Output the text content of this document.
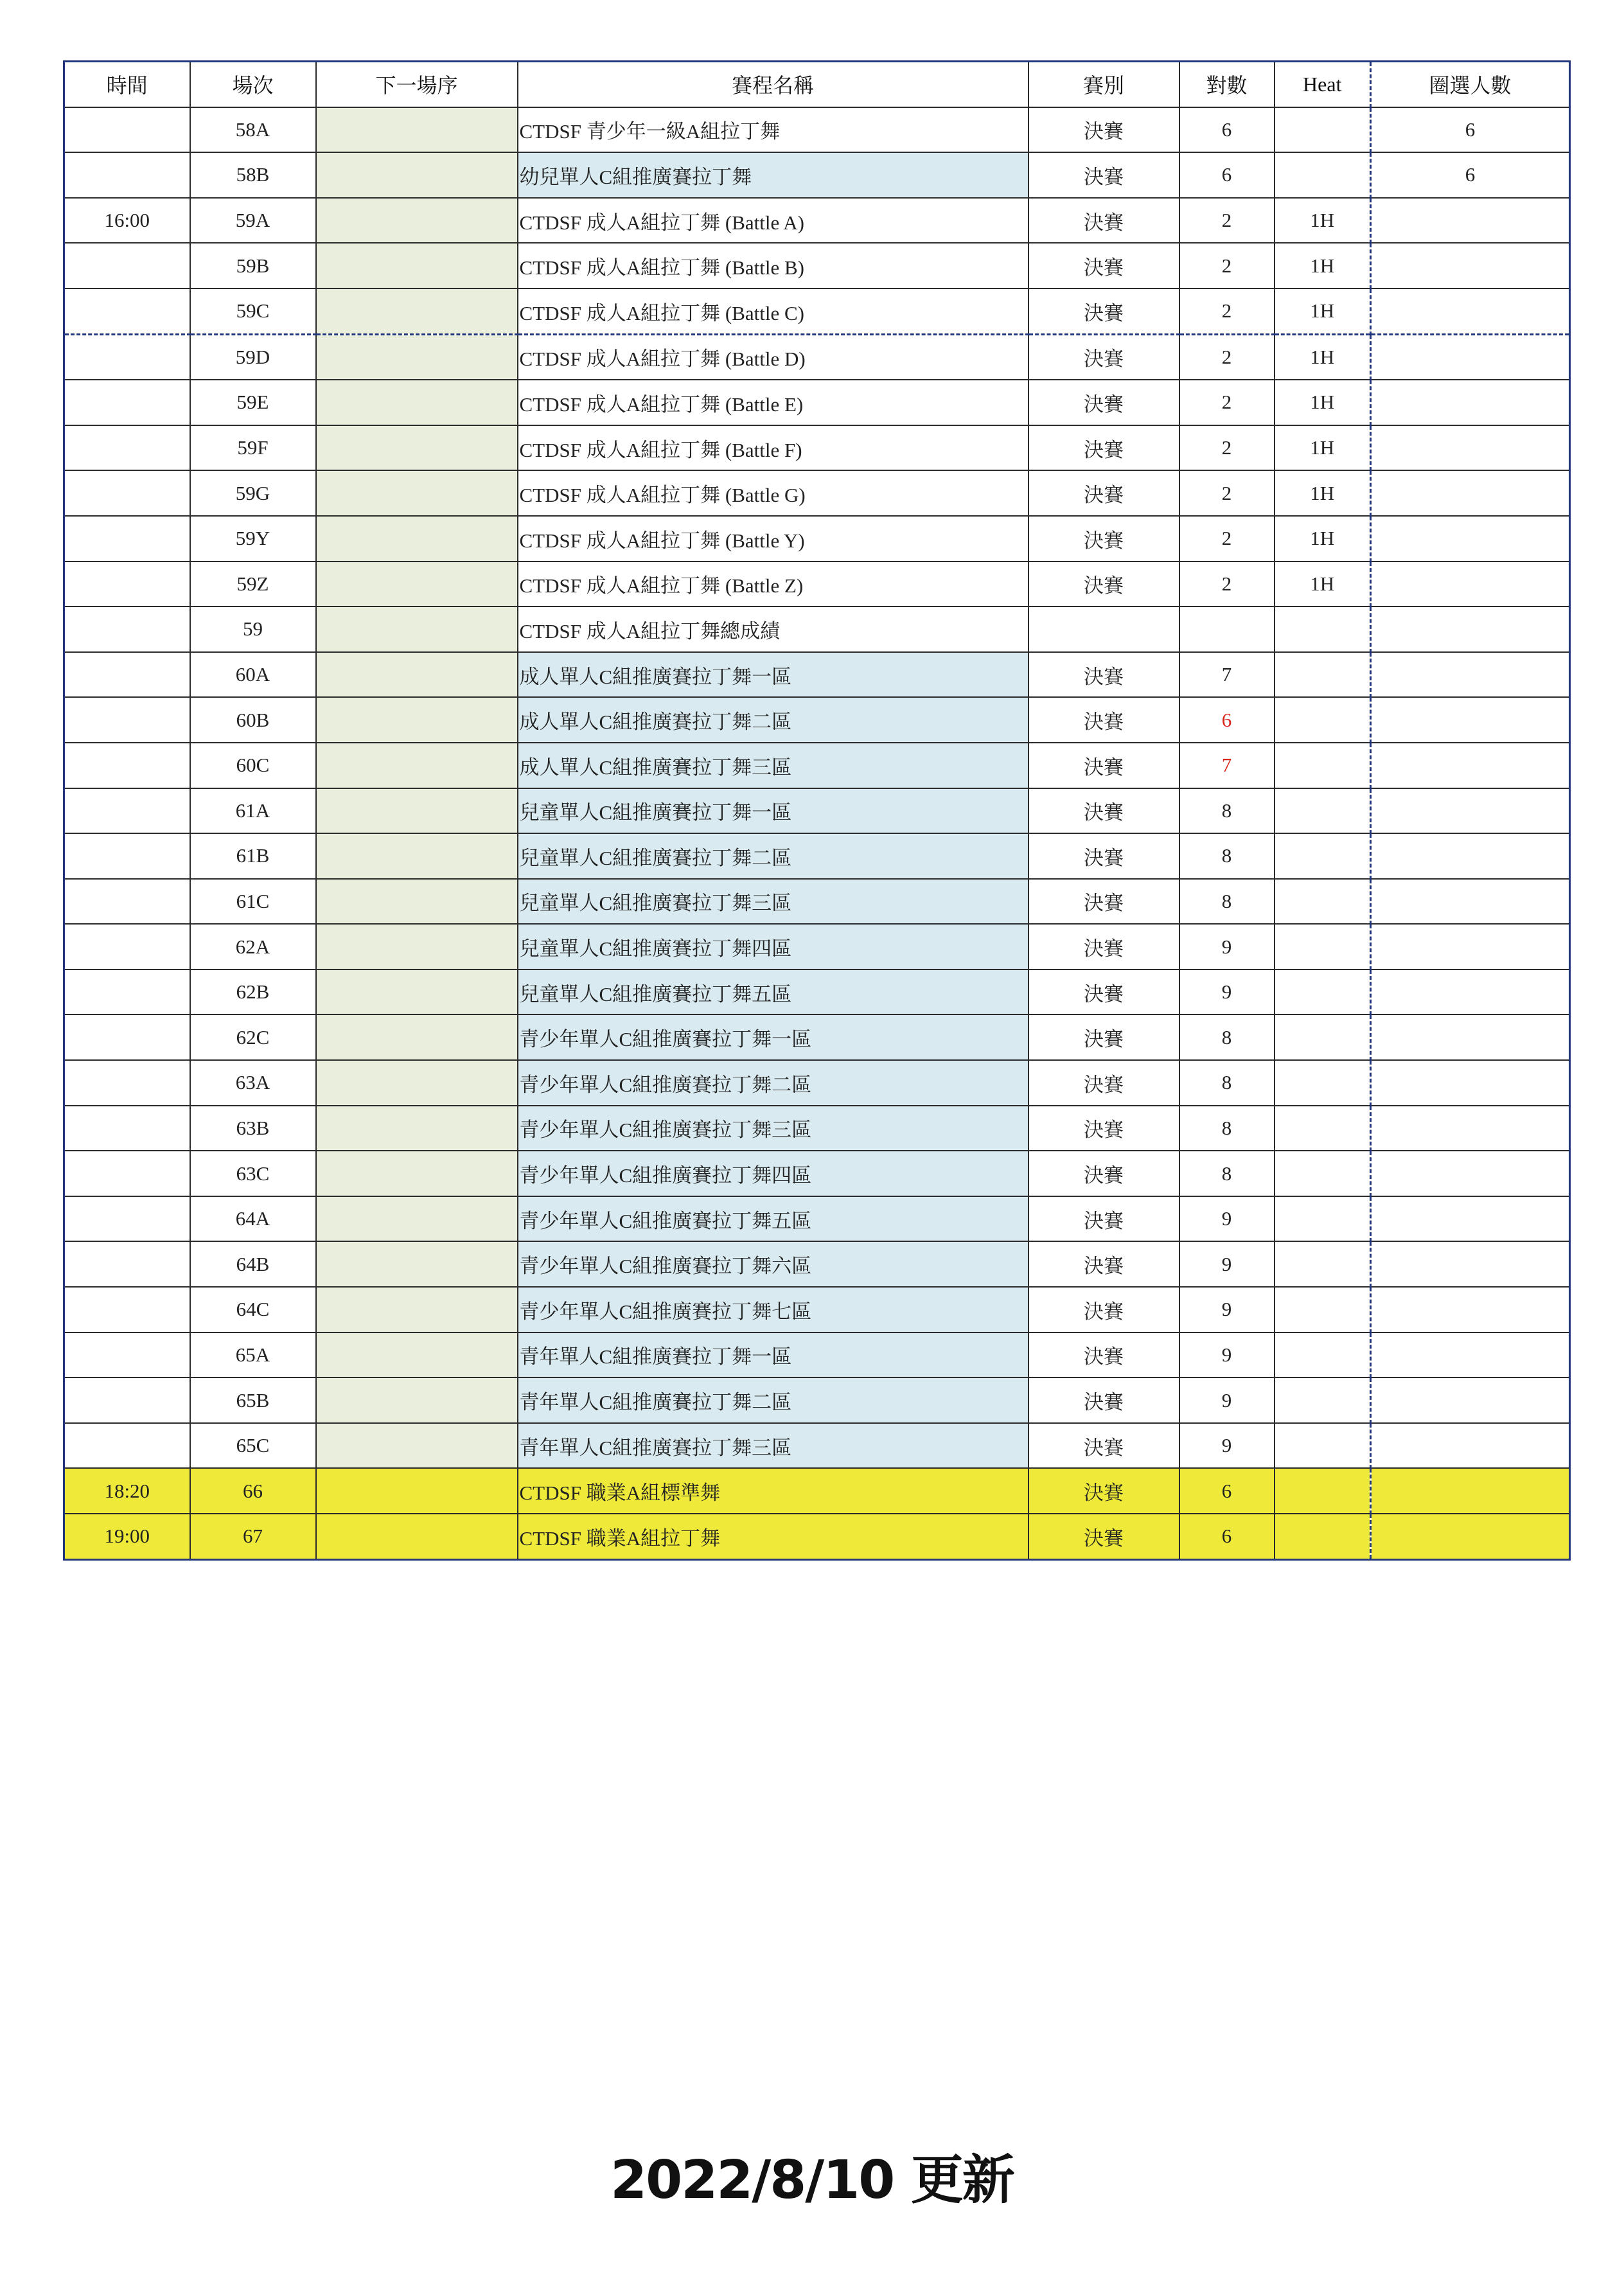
時間	場次	下一場序	賽程名稱	賽別	對數	Heat	圈選人數
	58A		CTDSF 青少年一級A組拉丁舞	決賽	6		6
	58B		幼兒單人C組推廣賽拉丁舞	決賽	6		6
16:00	59A		CTDSF 成人A組拉丁舞 (Battle A)	決賽	2	1H	
	59B		CTDSF 成人A組拉丁舞 (Battle B)	決賽	2	1H	
	59C		CTDSF 成人A組拉丁舞 (Battle C)	決賽	2	1H	
	59D		CTDSF 成人A組拉丁舞 (Battle D)	決賽	2	1H	
	59E		CTDSF 成人A組拉丁舞 (Battle E)	決賽	2	1H	
	59F		CTDSF 成人A組拉丁舞 (Battle F)	決賽	2	1H	
	59G		CTDSF 成人A組拉丁舞 (Battle G)	決賽	2	1H	
	59Y		CTDSF 成人A組拉丁舞 (Battle Y)	決賽	2	1H	
	59Z		CTDSF 成人A組拉丁舞 (Battle Z)	決賽	2	1H	
	59		CTDSF 成人A組拉丁舞總成績				
	60A		成人單人C組推廣賽拉丁舞一區	決賽	7		
	60B		成人單人C組推廣賽拉丁舞二區	決賽	6		
	60C		成人單人C組推廣賽拉丁舞三區	決賽	7		
	61A		兒童單人C組推廣賽拉丁舞一區	決賽	8		
	61B		兒童單人C組推廣賽拉丁舞二區	決賽	8		
	61C		兒童單人C組推廣賽拉丁舞三區	決賽	8		
	62A		兒童單人C組推廣賽拉丁舞四區	決賽	9		
	62B		兒童單人C組推廣賽拉丁舞五區	決賽	9		
	62C		青少年單人C組推廣賽拉丁舞一區	決賽	8		
	63A		青少年單人C組推廣賽拉丁舞二區	決賽	8		
	63B		青少年單人C組推廣賽拉丁舞三區	決賽	8		
	63C		青少年單人C組推廣賽拉丁舞四區	決賽	8		
	64A		青少年單人C組推廣賽拉丁舞五區	決賽	9		
	64B		青少年單人C組推廣賽拉丁舞六區	決賽	9		
	64C		青少年單人C組推廣賽拉丁舞七區	決賽	9		
	65A		青年單人C組推廣賽拉丁舞一區	決賽	9		
	65B		青年單人C組推廣賽拉丁舞二區	決賽	9		
	65C		青年單人C組推廣賽拉丁舞三區	決賽	9		
18:20	66		CTDSF 職業A組標準舞	決賽	6		
19:00	67		CTDSF 職業A組拉丁舞	決賽	6		
2022/8/10 更新
